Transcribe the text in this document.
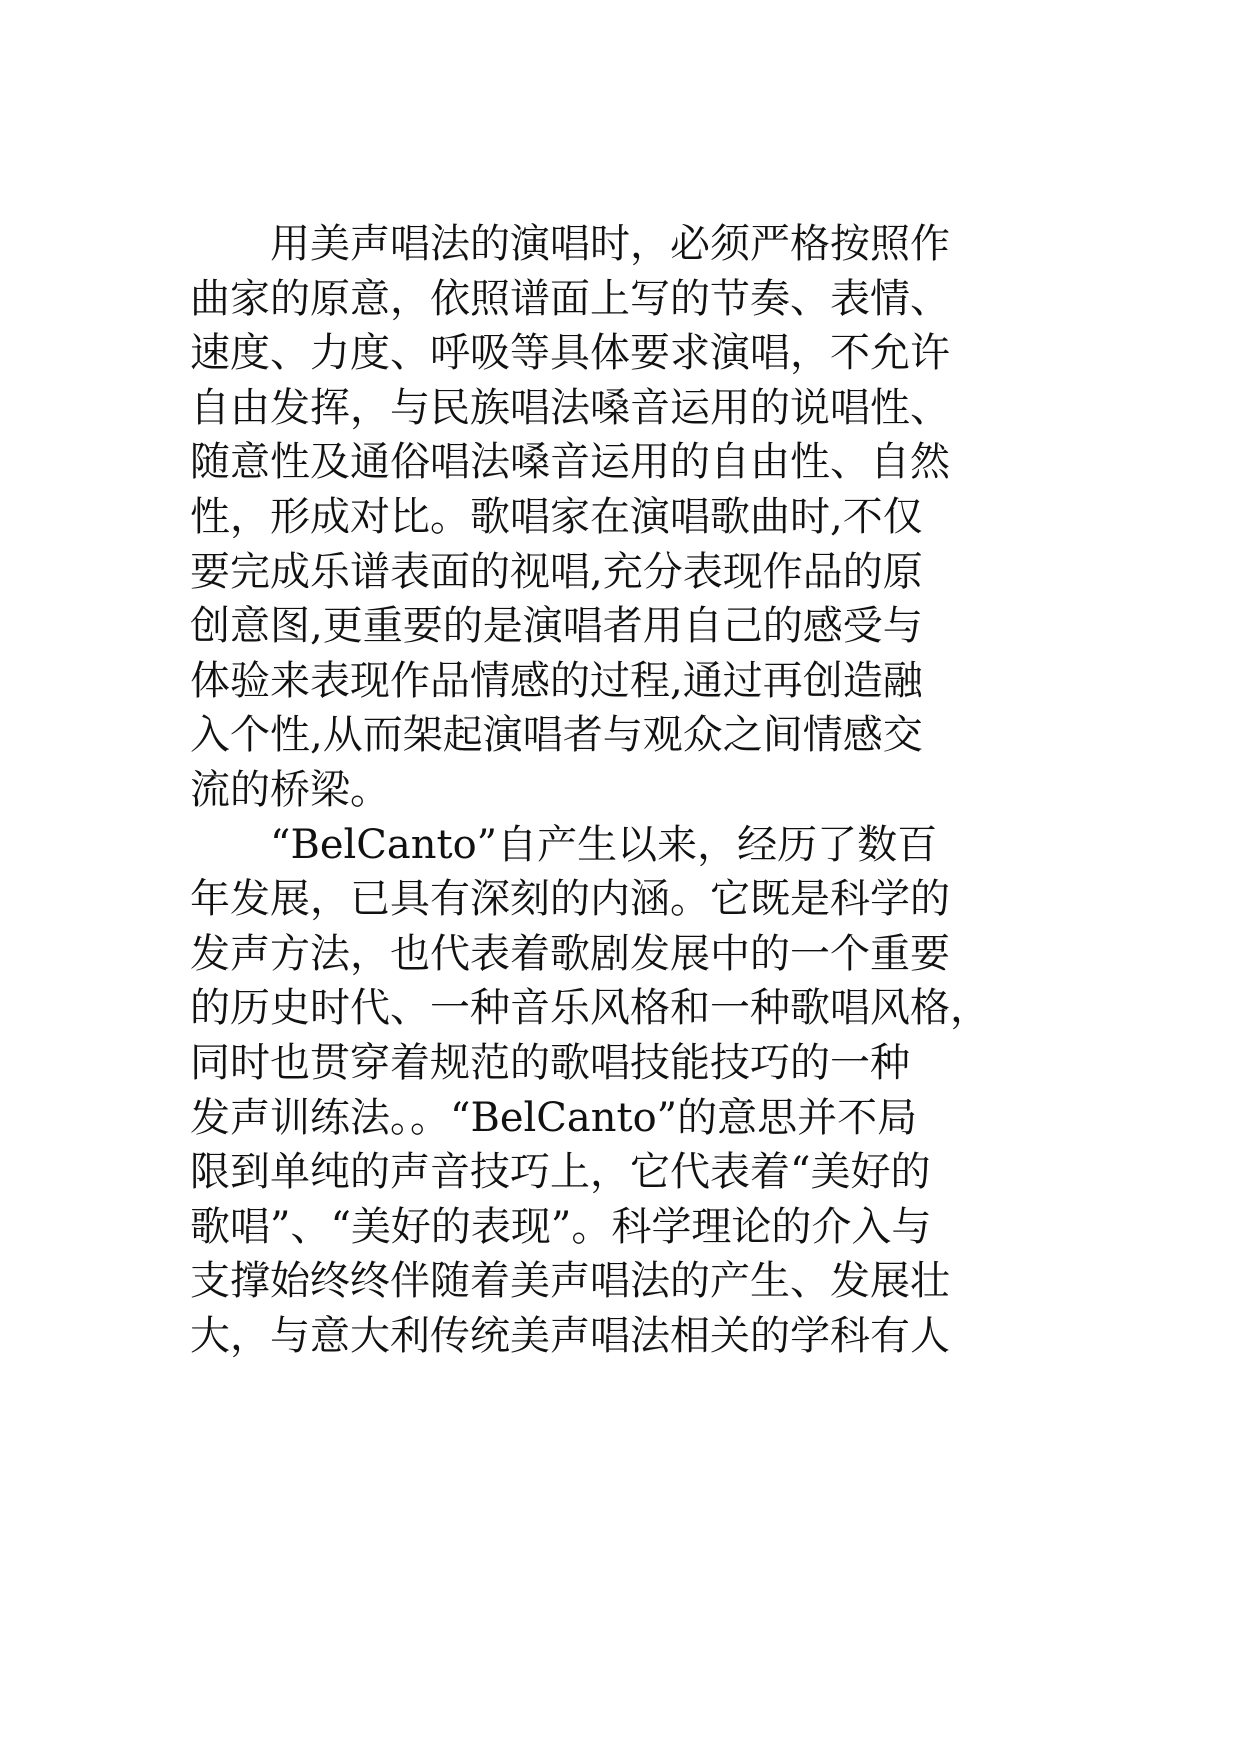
用美声唱法的演唱时，必须严格按照作
曲家的原意，依照谱面上写的节奏、表情、
速度、力度、呼吸等具体要求演唱，不允许
自由发挥，与民族唱法嗓音运用的说唱性、
随意性及通俗唱法嗓音运用的自由性、自然
性，形成对比。歌唱家在演唱歌曲时,不仅
要完成乐谱表面的视唱,充分表现作品的原
创意图,更重要的是演唱者用自己的感受与
体验来表现作品情感的过程,通过再创造融
入个性,从而架起演唱者与观众之间情感交
流的桥梁。
“BelCanto”自产生以来，经历了数百
年发展，已具有深刻的内涵。它既是科学的
发声方法，也代表着歌剧发展中的一个重要
的历史时代、一种音乐风格和一种歌唱风格，
同时也贯穿着规范的歌唱技能技巧的一种
发声训练法。。“BelCanto”的意思并不局
限到单纯的声音技巧上，它代表着“美好的
歌唱”、“美好的表现”。科学理论的介入与
支撑始终终伴随着美声唱法的产生、发展壮
大，与意大利传统美声唱法相关的学科有人
